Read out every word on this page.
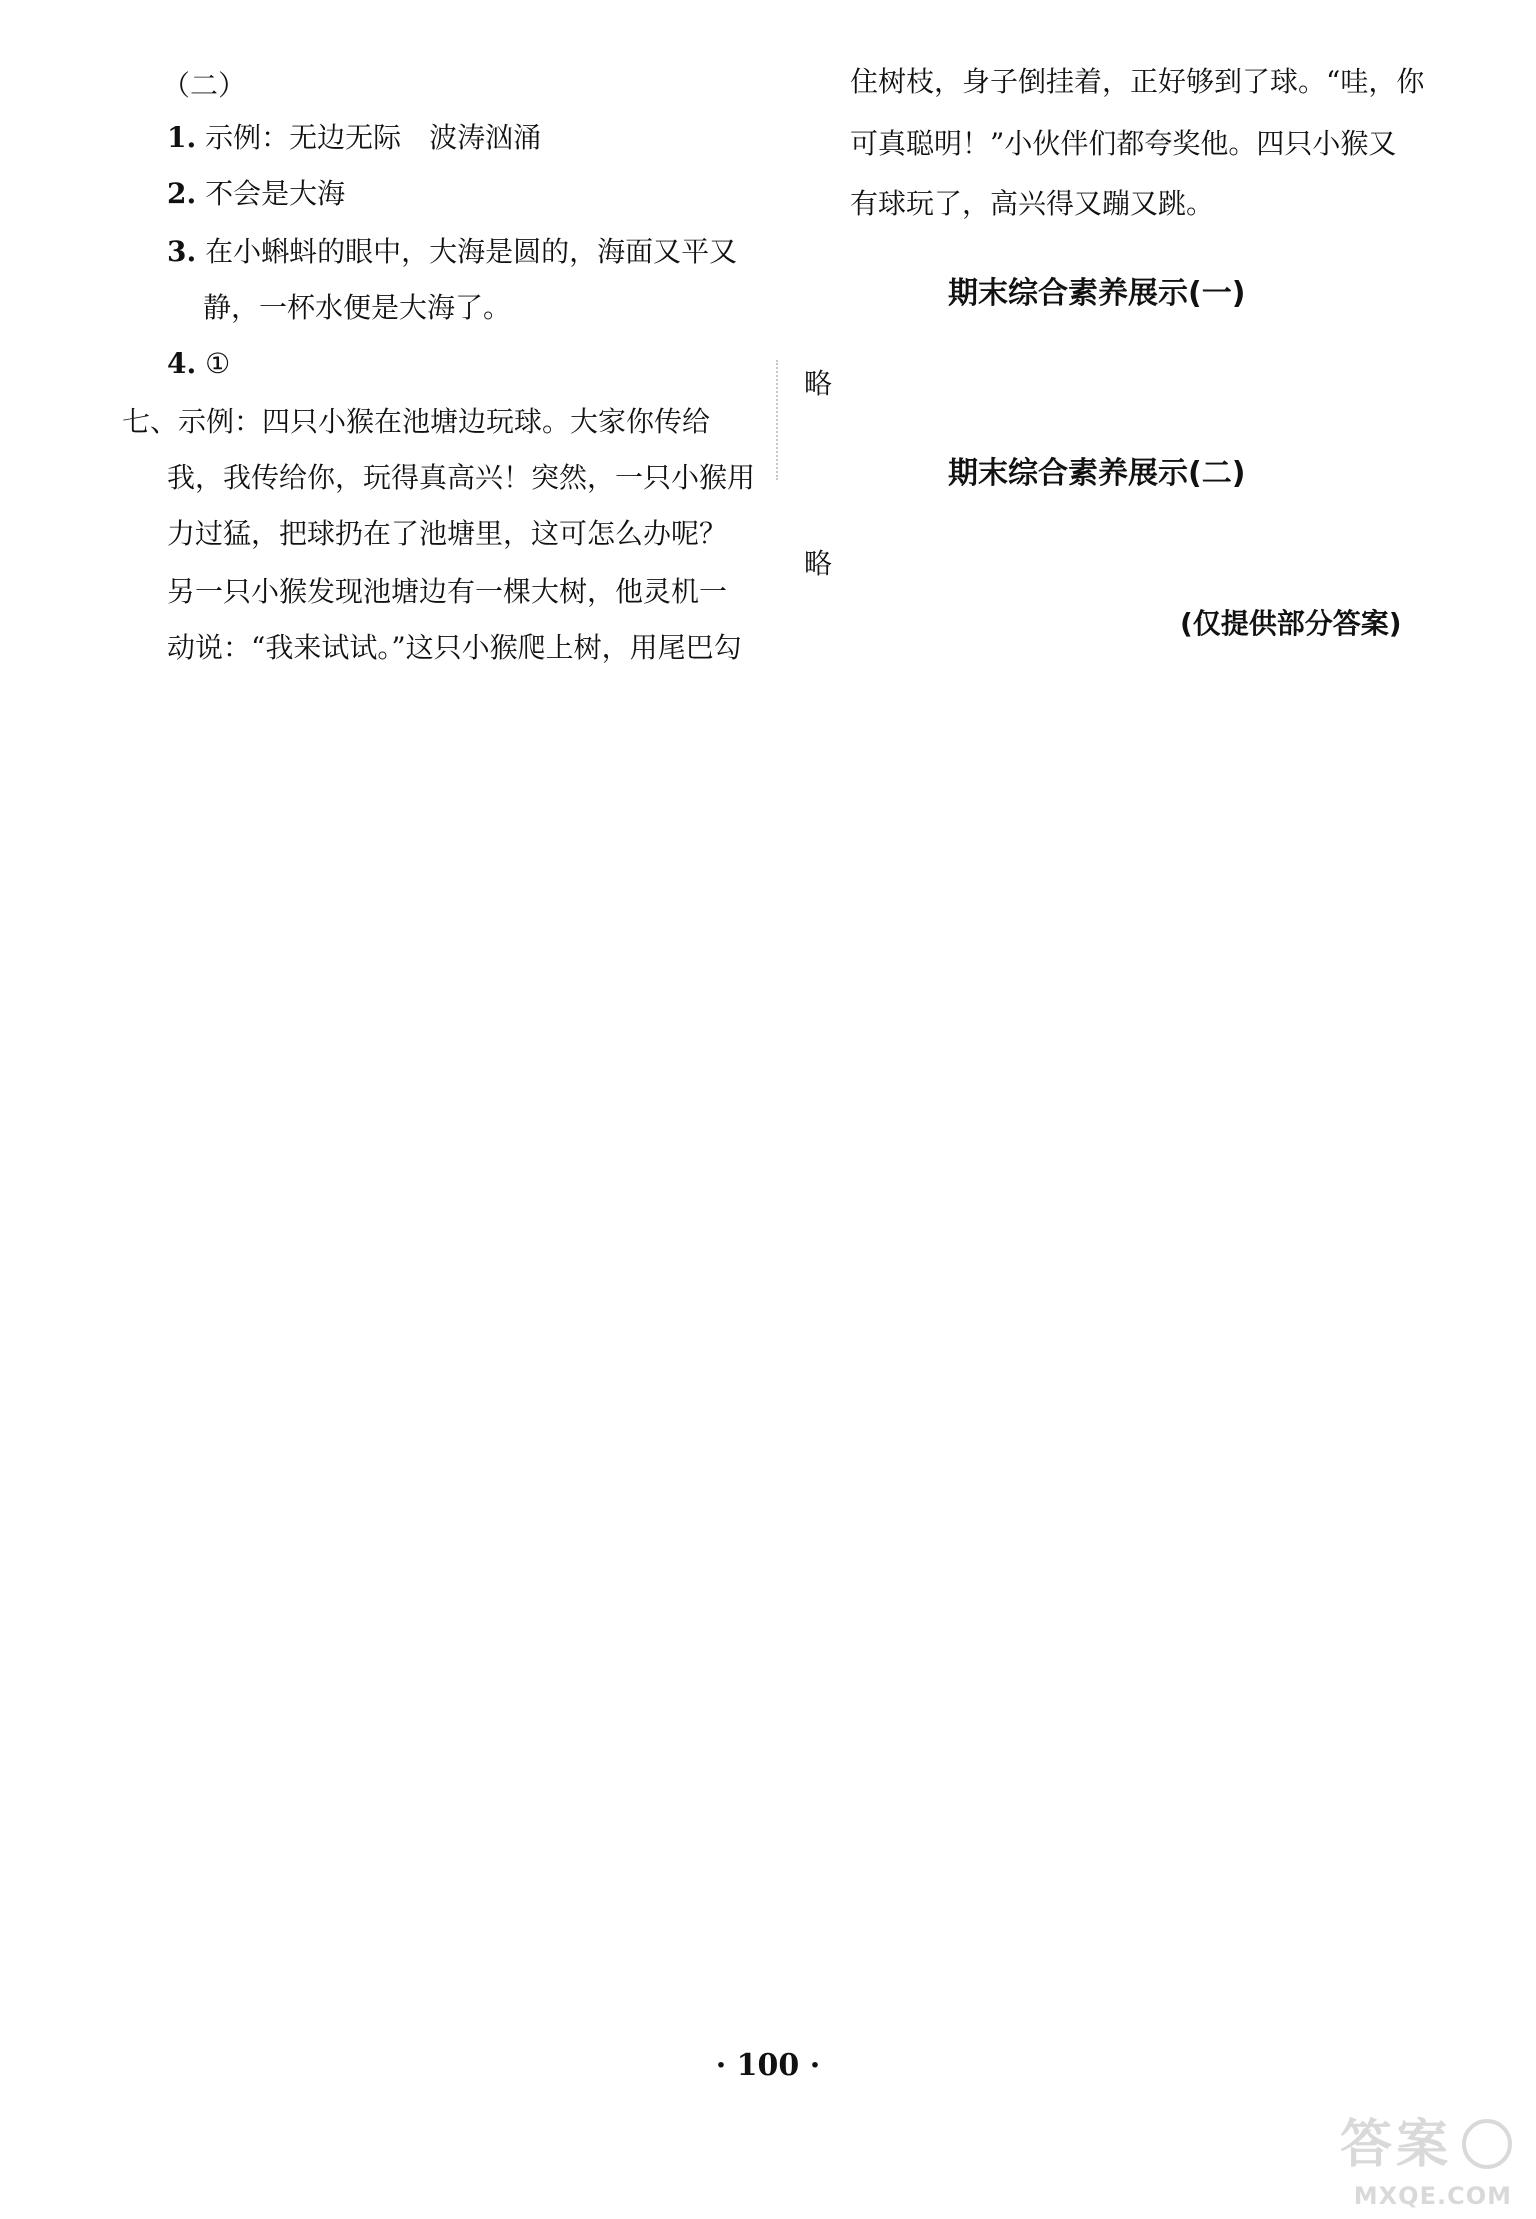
（二）
1. 示例：无边无际　波涛汹涌
2. 不会是大海
3. 在小蝌蚪的眼中，大海是圆的，海面又平又
静，一杯水便是大海了。
4. ①
七、示例：四只小猴在池塘边玩球。大家你传给
我，我传给你，玩得真高兴！突然，一只小猴用
力过猛，把球扔在了池塘里，这可怎么办呢？
另一只小猴发现池塘边有一棵大树，他灵机一
动说：“我来试试。”这只小猴爬上树，用尾巴勾
住树枝，身子倒挂着，正好够到了球。“哇，你
可真聪明！”小伙伴们都夸奖他。四只小猴又
有球玩了，高兴得又蹦又跳。
期末综合素养展示(一)
略
期末综合素养展示(二)
略
(仅提供部分答案)
· 100 ·
答案
MXQE.COM
